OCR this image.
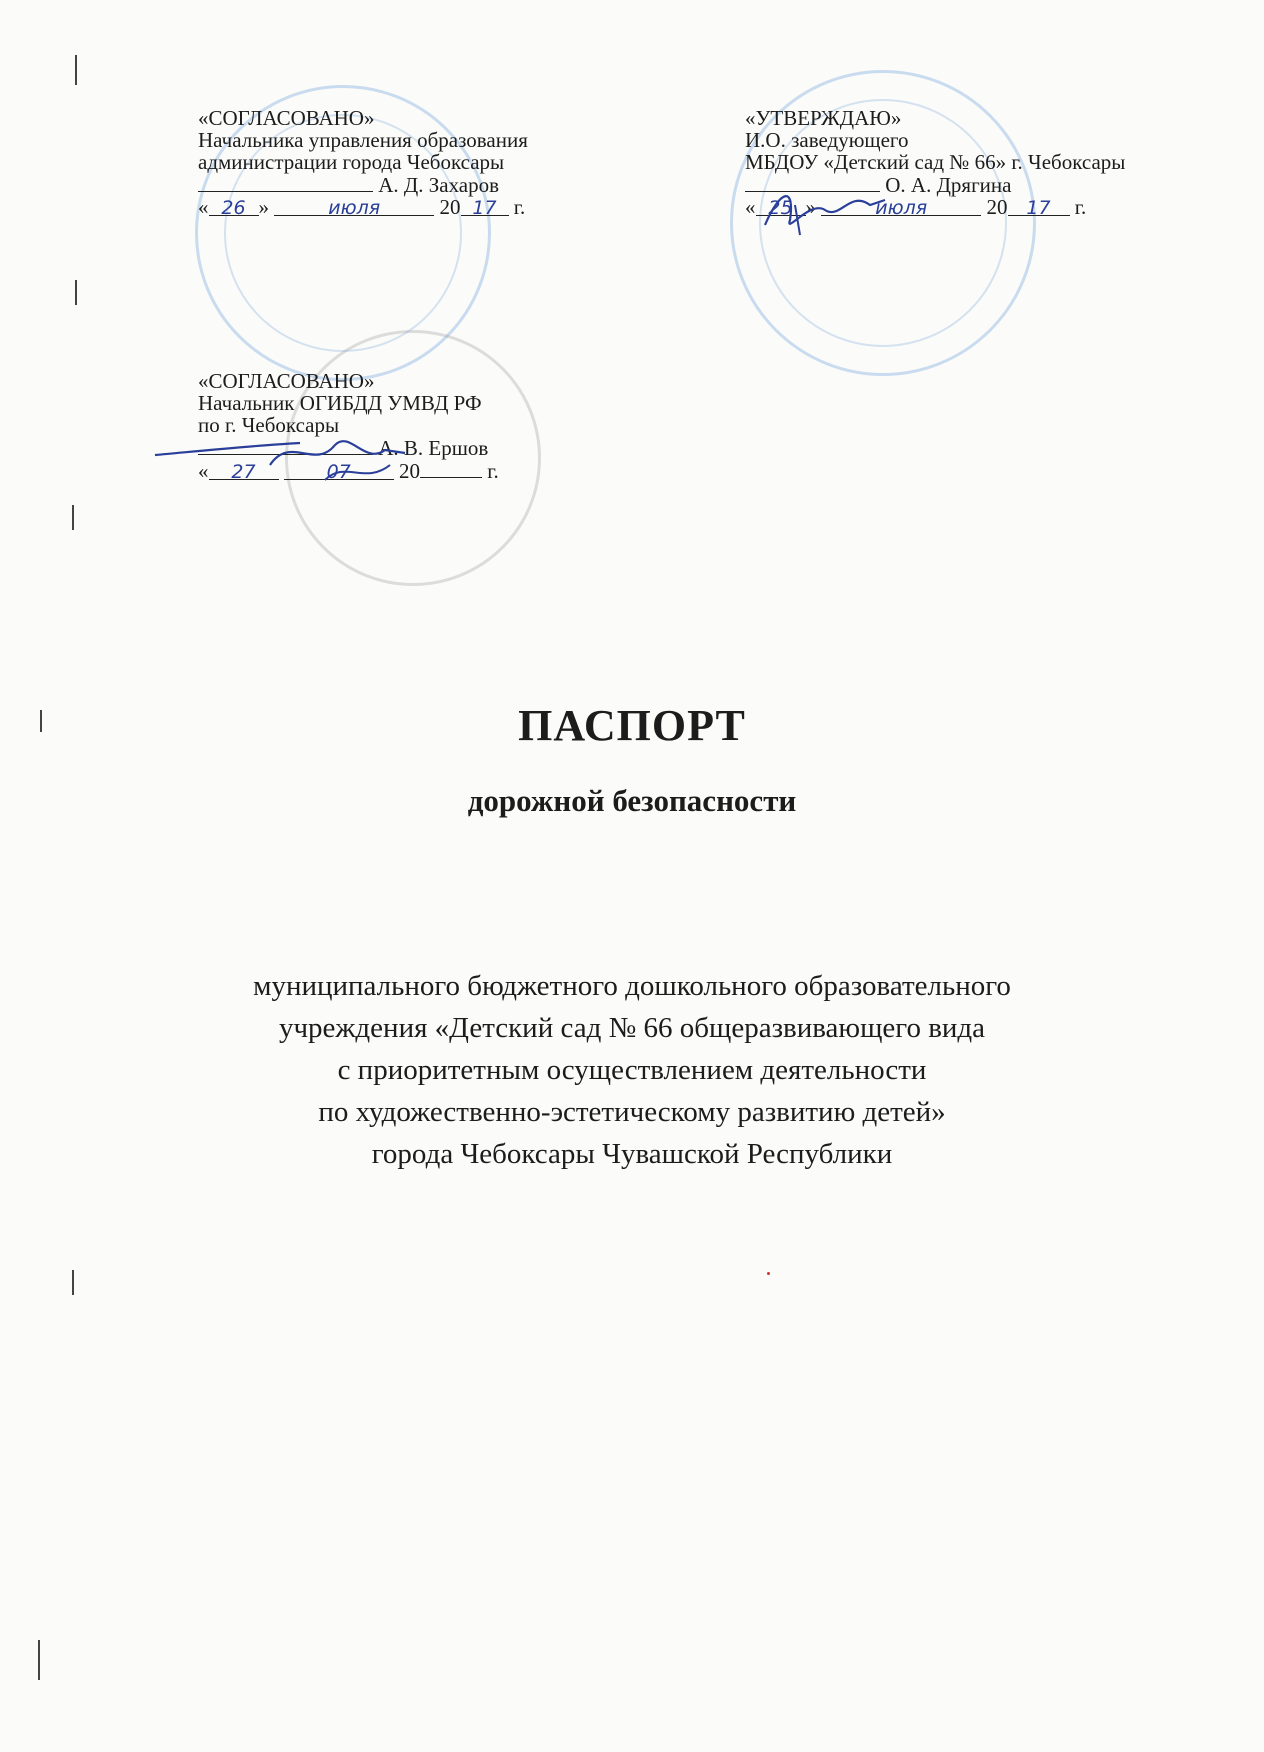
«СОГЛАСОВАНО»
Начальника управления образования
администрации города Чебоксары
А. Д. Захаров
« 26 »	июля	20 17 г.
«УТВЕРЖДАЮ»
И.О. заведующего
МБДОУ «Детский сад № 66» г. Чебоксары
О. А. Дрягина
« 25 »	июля	20 17 г.
«СОГЛАСОВАНО»
Начальник ОГИБДД УМВД РФ
по г. Чебоксары
А. В. Ершов
« 27	07 20	г.
ПАСПОРТ
дорожной безопасности
муниципального бюджетного дошкольного образовательного
учреждения «Детский сад № 66 общеразвивающего вида
с приоритетным осуществлением деятельности
по художественно-эстетическому развитию детей»
города Чебоксары Чувашской Республики
